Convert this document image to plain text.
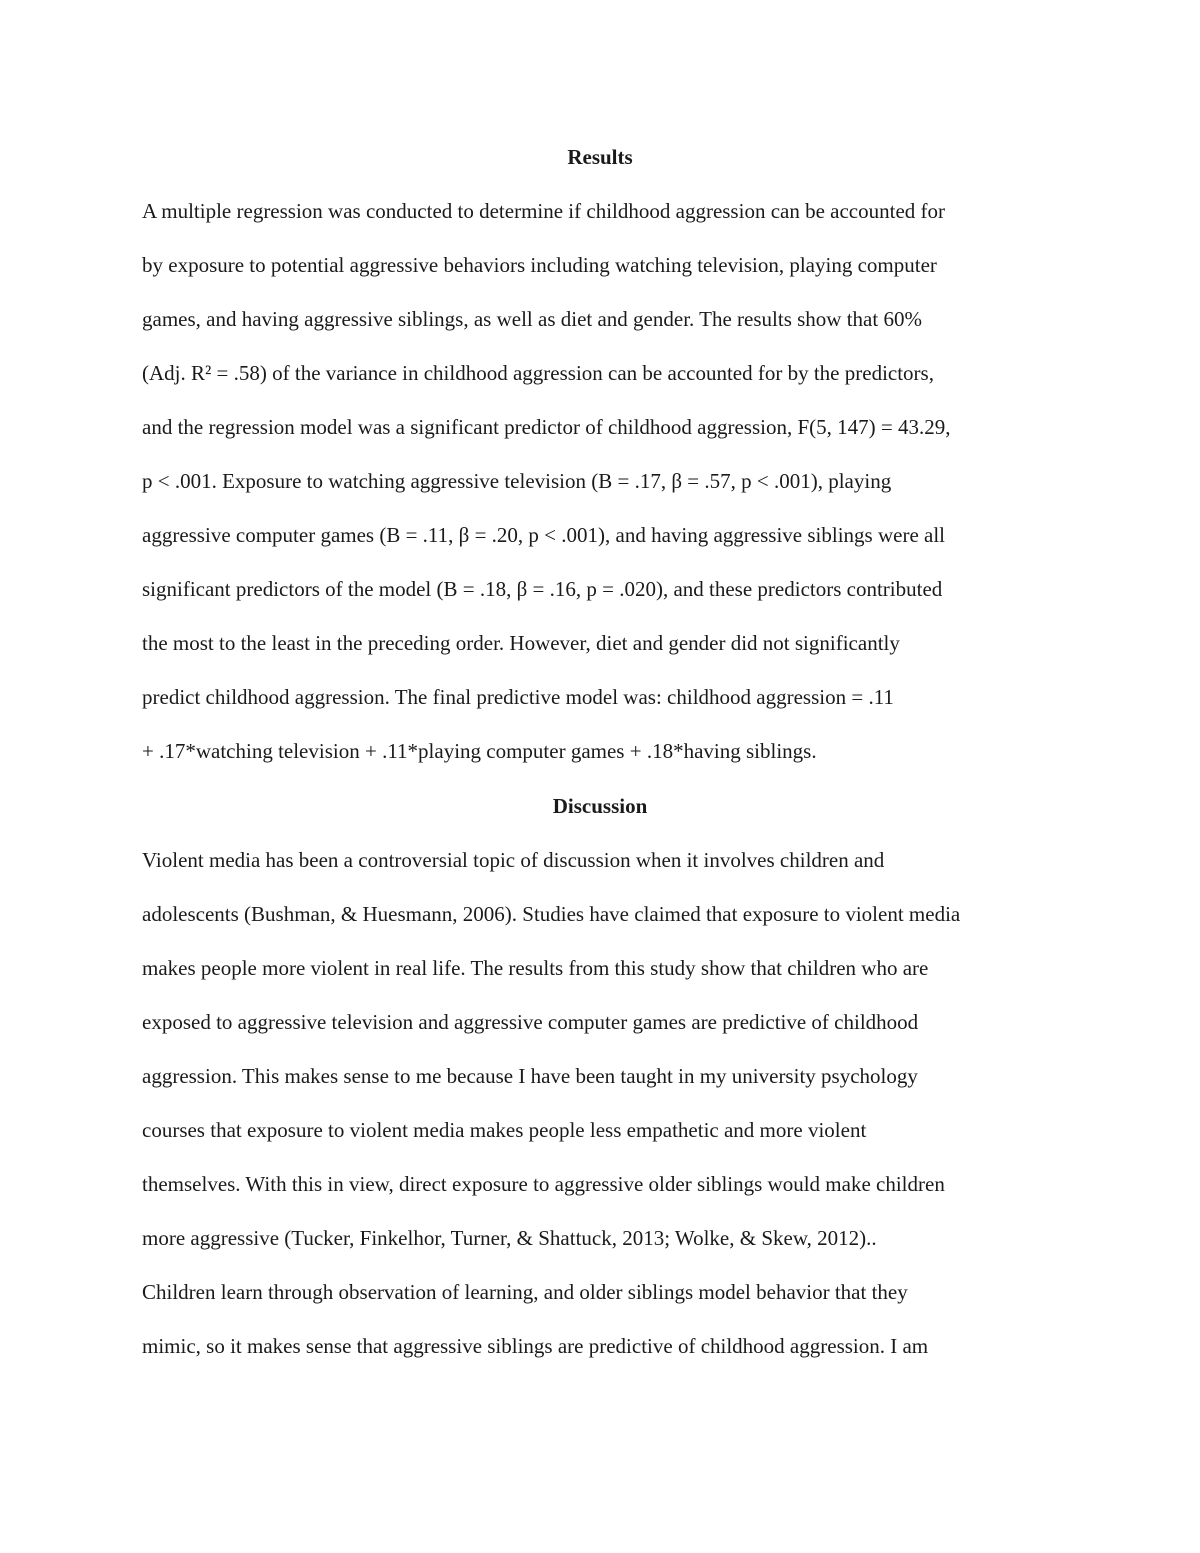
Results
A multiple regression was conducted to determine if childhood aggression can be accounted for
by exposure to potential aggressive behaviors including watching television, playing computer
games, and having aggressive siblings, as well as diet and gender. The results show that 60%
(Adj. R² = .58) of the variance in childhood aggression can be accounted for by the predictors,
and the regression model was a significant predictor of childhood aggression, F(5, 147) = 43.29,
p < .001. Exposure to watching aggressive television (B = .17, β = .57, p < .001), playing
aggressive computer games (B = .11, β = .20, p < .001), and having aggressive siblings were all
significant predictors of the model (B = .18, β = .16, p = .020), and these predictors contributed
the most to the least in the preceding order. However, diet and gender did not significantly
predict childhood aggression. The final predictive model was: childhood aggression = .11
+ .17*watching television + .11*playing computer games + .18*having siblings.
Discussion
Violent media has been a controversial topic of discussion when it involves children and
adolescents (Bushman, & Huesmann, 2006). Studies have claimed that exposure to violent media
makes people more violent in real life. The results from this study show that children who are
exposed to aggressive television and aggressive computer games are predictive of childhood
aggression. This makes sense to me because I have been taught in my university psychology
courses that exposure to violent media makes people less empathetic and more violent
themselves. With this in view, direct exposure to aggressive older siblings would make children
more aggressive (Tucker, Finkelhor, Turner, & Shattuck, 2013; Wolke, & Skew, 2012)..
Children learn through observation of learning, and older siblings model behavior that they
mimic, so it makes sense that aggressive siblings are predictive of childhood aggression. I am
